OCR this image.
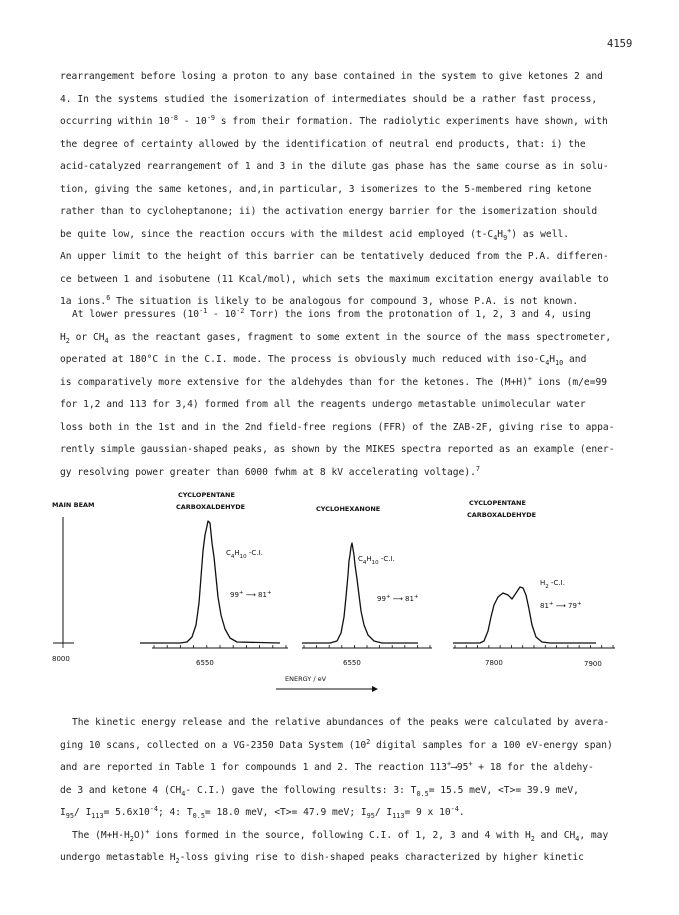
4159
rearrangement before losing a proton to any base contained in the system to give ketones 2 and
4. In the systems studied the isomerization of intermediates should be a rather fast process,
occurring within $10^{-8} - 10^{-9}$ s from their formation. The radiolytic experiments have shown, with
the degree of certainty allowed by the identification of neutral end products, that: i) the
acid-catalyzed rearrangement of 1 and 3 in the dilute gas phase has the same course as in solu-
tion, giving the same ketones, and,in particular, 3 isomerizes to the 5-membered ring ketone
rather than to cycloheptanone; ii) the activation energy barrier for the isomerization should
be quite low, since the reaction occurs with the mildest acid employed $(t-C_4H_9^+)$ as well.
An upper limit to the height of this barrier can be tentatively deduced from the P.A. differen-
ce between 1 and isobutene (11 Kcal/mol), which sets the maximum excitation energy available to
1a ions.$^6$ The situation is likely to be analogous for compound 3, whose P.A. is not known.
At lower pressures ($10^{-1} - 10^{-2}$ Torr) the ions from the protonation of 1, 2, 3 and 4, using
$H_2$ or $CH_4$ as the reactant gases, fragment to some extent in the source of the mass spectrometer,
operated at 180°C in the C.I. mode. The process is obviously much reduced with iso-$C_4H_{10}$ and
is comparatively more extensive for the aldehydes than for the ketones. The (M+H)+ ions (m/e=99
for 1,2 and 113 for 3,4) formed from all the reagents undergo metastable unimolecular water
loss both in the 1st and in the 2nd field-free regions (FFR) of the ZAB-2F, giving rise to appa-
rently simple gaussian-shaped peaks, as shown by the MIKES spectra reported as an example (ener-
gy resolving power greater than 6000 fwhm at 8 kV accelerating voltage).$^7$
MAIN BEAM
8000
CYCLOPENTANE
CARBOXALDEHYDE
$C_4H_{10}$ -C.I.
99+ ⟶ 81+
6550
CYCLOHEXANONE
$C_4H_{10}$ -C.I.
99+ ⟶ 81+
6550
CYCLOPENTANE
CARBOXALDEHYDE
$H_2$ -C.I.
81+ ⟶ 79+
7800	7900
ENERGY / eV
The kinetic energy release and the relative abundances of the peaks were calculated by avera-
ging 10 scans, collected on a VG-2350 Data System ($10^2$ digital samples for a 100 eV-energy span)
and are reported in Table 1 for compounds 1 and 2. The reaction 113+⟶95+ + 18 for the aldehy-
de 3 and ketone 4 ($CH_4-$ C.I.) gave the following results: 3: $T_{0.5}= 15.5$ meV, <T>= 39.9 meV,
$I_{95}/$ $I_{113}= 5.6x10^{-4}$; 4: $T_{0.5}= 18.0$ meV, <T>= 47.9 meV; $I_{95}/$ $I_{113}= 9$ x $10^{-4}$.
The $(M+H-H_2O)^+$ ions formed in the source, following C.I. of 1, 2, 3 and 4 with $H_2$ and $CH_4$, may
undergo metastable $H_2$-loss giving rise to dish-shaped peaks characterized by higher kinetic
